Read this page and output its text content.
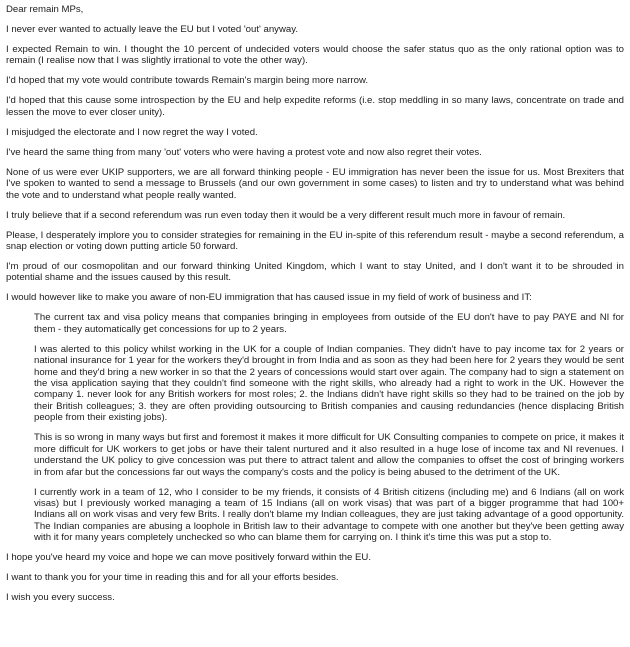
Dear remain MPs,

I never ever wanted to actually leave the EU but I voted 'out' anyway.

I expected Remain to win. I thought the 10 percent of undecided voters would choose the safer status quo as the only rational option was to remain (I realise now that I was slightly irrational to vote the other way).

I'd hoped that my vote would contribute towards Remain's margin being more narrow.

I'd hoped that this cause some introspection by the EU and help expedite reforms (i.e. stop meddling in so many laws, concentrate on trade and lessen the move to ever closer unity).

I misjudged the electorate and I now regret the way I voted.

I've heard the same thing from many 'out' voters who were having a protest vote and now also regret their votes.

None of us were ever UKIP supporters, we are all forward thinking people - EU immigration has never been the issue for us. Most Brexiters that I've spoken to wanted to send a message to Brussels (and our own government in some cases) to listen and try to understand what was behind the vote and to understand what people really wanted.

I truly believe that if a second referendum was run even today then it would be a very different result much more in favour of remain.

Please, I desperately implore you to consider strategies for remaining in the EU in-spite of this referendum result - maybe a second referendum, a snap election or voting down putting article 50 forward.

I'm proud of our cosmopolitan and our forward thinking United Kingdom, which I want to stay United, and I don't want it to be shrouded in potential shame and the issues caused by this result.

I would however like to make you aware of non-EU immigration that has caused issue in my field of work of business and IT:

The current tax and visa policy means that companies bringing in employees from outside of the EU don't have to pay PAYE and NI for them - they automatically get concessions for up to 2 years.

I was alerted to this policy whilst working in the UK for a couple of Indian companies. They didn't have to pay income tax for 2 years or national insurance for 1 year for the workers they'd brought in from India and as soon as they had been here for 2 years they would be sent home and they'd bring a new worker in so that the 2 years of concessions would start over again. The company had to sign a statement on the visa application saying that they couldn't find someone with the right skills, who already had a right to work in the UK. However the company 1. never look for any British workers for most roles; 2. the Indians didn't have right skills so they had to be trained on the job by their British colleagues; 3. they are often providing outsourcing to British companies and causing redundancies (hence displacing British people from their existing jobs).

This is so wrong in many ways but first and foremost it makes it more difficult for UK Consulting companies to compete on price, it makes it more difficult for UK workers to get jobs or have their talent nurtured and it also resulted in a huge lose of income tax and NI revenues. I understand the UK policy to give concession was put there to attract talent and allow the companies to offset the cost of bringing workers in from afar but the concessions far out ways the company's costs and the policy is being abused to the detriment of the UK.

I currently work in a team of 12, who I consider to be my friends, it consists of 4 British citizens (including me) and 6 Indians (all on work visas) but I previously worked managing a team of 15 Indians (all on work visas) that was part of a bigger programme that had 100+ Indians all on work visas and very few Brits. I really don't blame my Indian colleagues, they are just taking advantage of a good opportunity. The Indian companies are abusing a loophole in British law to their advantage to compete with one another but they've been getting away with it for many years completely unchecked so who can blame them for carrying on. I think it's time this was put a stop to.

I hope you've heard my voice and hope we can move positively forward within the EU.

I want to thank you for your time in reading this and for all your efforts besides.

I wish you every success.
